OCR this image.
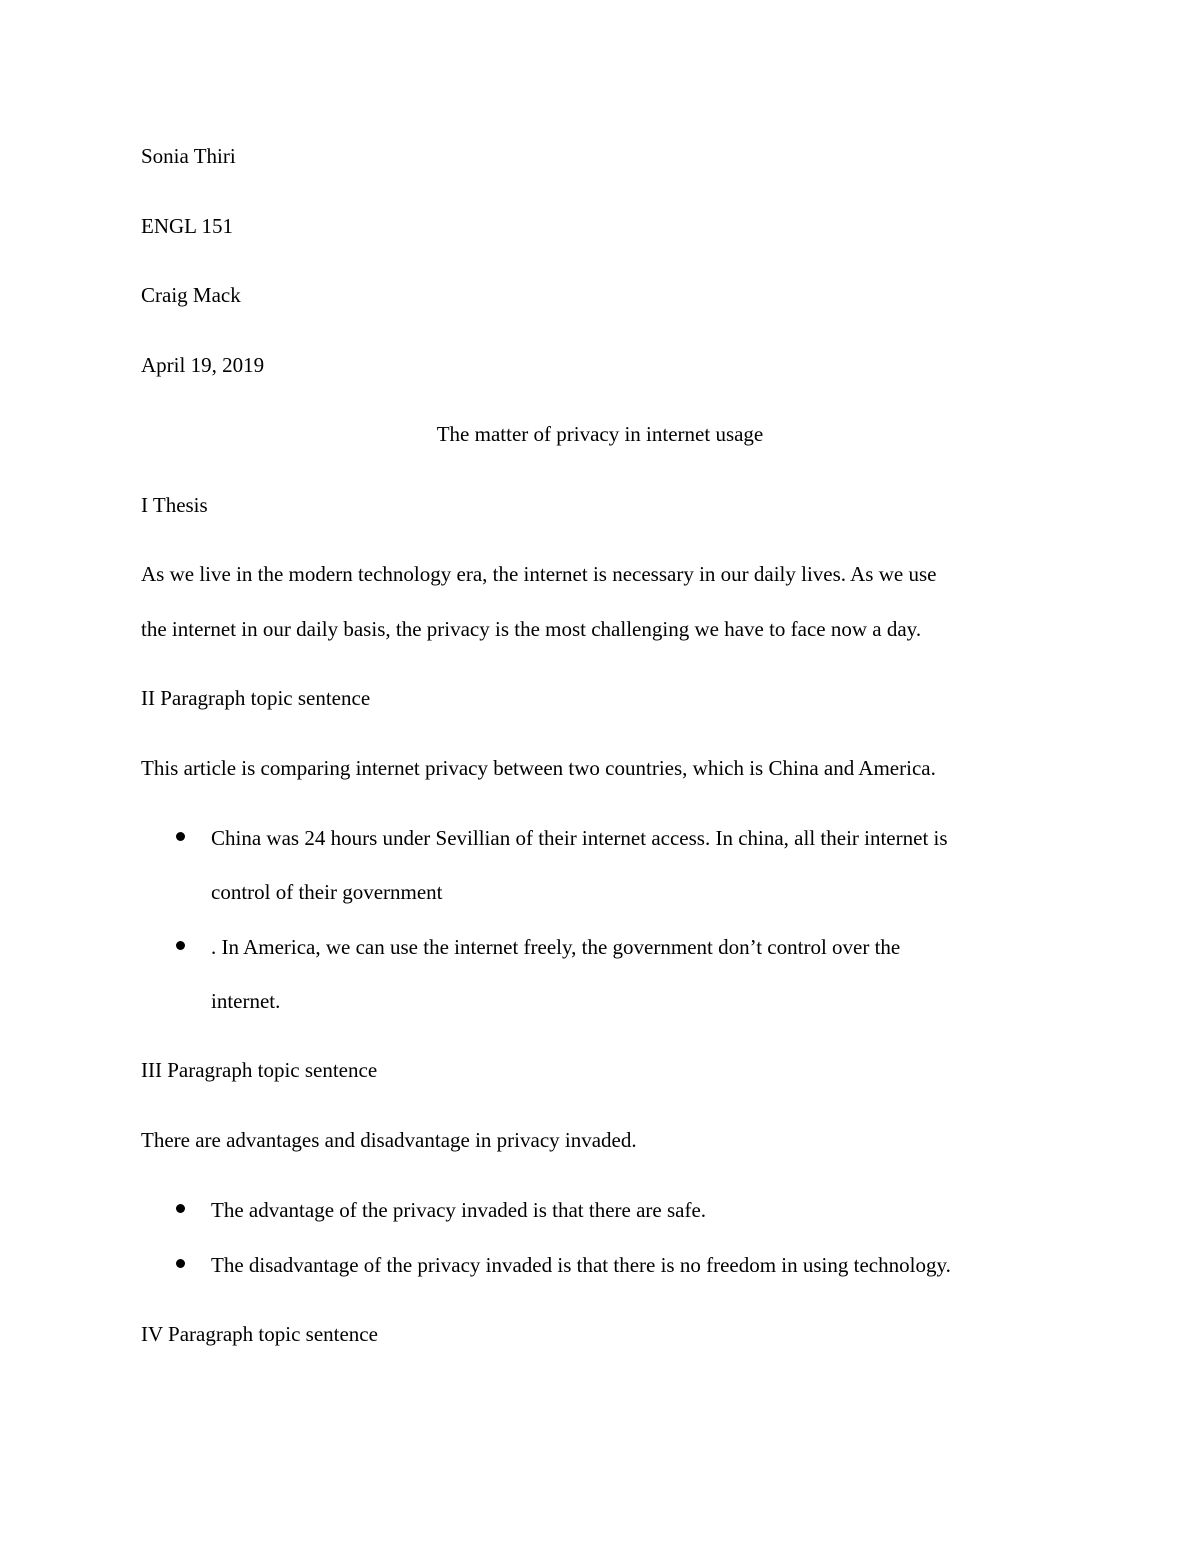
Sonia Thiri
ENGL 151
Craig Mack
April 19, 2019
The matter of privacy in internet usage
I Thesis
As we live in the modern technology era, the internet is necessary in our daily lives. As we use
the internet in our daily basis, the privacy is the most challenging we have to face now a day.
II Paragraph topic sentence
This article is comparing internet privacy between two countries, which is China and America.
China was 24 hours under Sevillian of their internet access. In china, all their internet is
control of their government
. In America, we can use the internet freely, the government don’t control over the
internet.
III Paragraph topic sentence
There are advantages and disadvantage in privacy invaded.
The advantage of the privacy invaded is that there are safe.
The disadvantage of the privacy invaded is that there is no freedom in using technology.
IV Paragraph topic sentence
